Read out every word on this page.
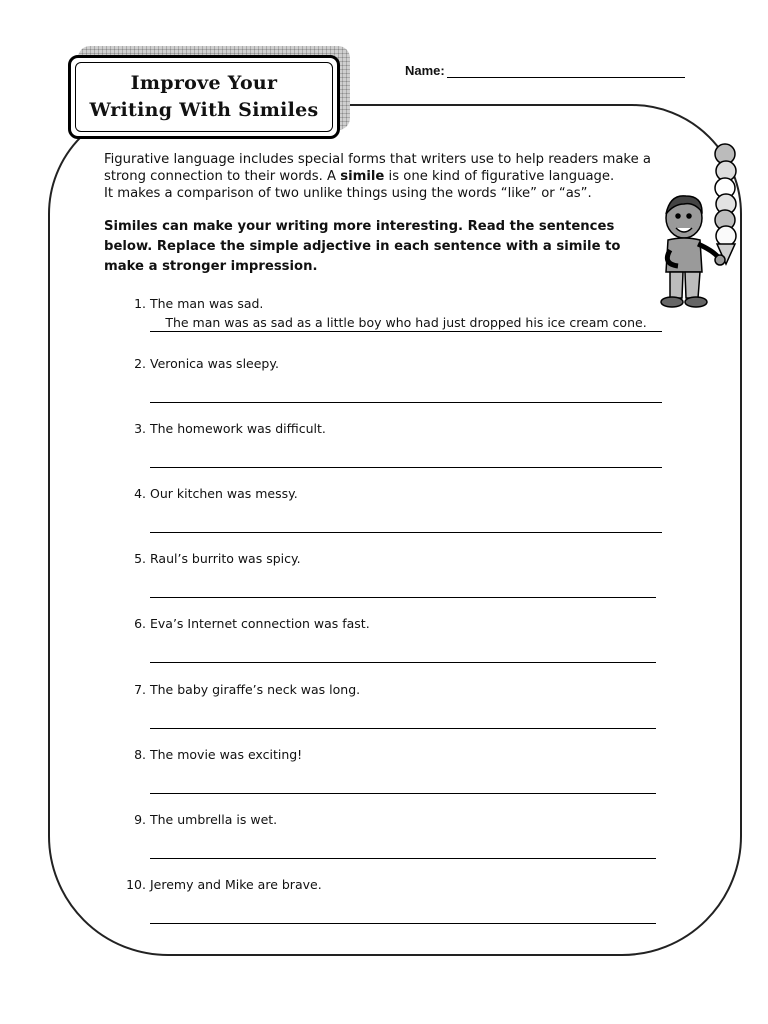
Improve Your
Writing With Similes
Name:
Figurative language includes special forms that writers use to help readers make a strong connection to their words. A simile is one kind of figurative language.
It makes a comparison of two unlike things using the words “like” or “as”.
Similes can make your writing more interesting. Read the sentences below. Replace the simple adjective in each sentence with a simile to make a stronger impression.
1. The man was sad.
The man was as sad as a little boy who had just dropped his ice cream cone.
2. Veronica was sleepy.
3. The homework was difficult.
4. Our kitchen was messy.
5. Raul’s burrito was spicy.
6. Eva’s Internet connection was fast.
7. The baby giraffe’s neck was long.
8. The movie was exciting!
9. The umbrella is wet.
10. Jeremy and Mike are brave.
